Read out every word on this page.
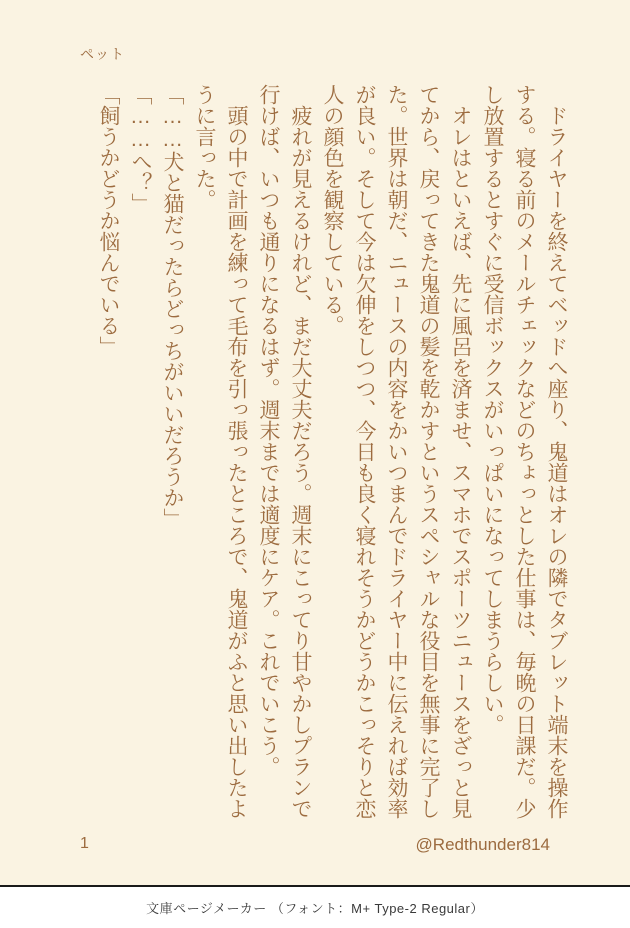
ペット

ドライヤーを終えてベッドへ座り、鬼道はオレの隣でタブレット端末を操作する。寝る前のメールチェックなどのちょっとした仕事は、毎晩の日課だ。少し放置するとすぐに受信ボックスがいっぱいになってしまうらしい。

オレはといえば、先に風呂を済ませ、スマホでスポーツニュースをざっと見てから、戻ってきた鬼道の髪を乾かすというスペシャルな役目を無事に完了した。世界は朝だ、ニュースの内容をかいつまんでドライヤー中に伝えれば効率が良い。そして今は欠伸をしつつ、今日も良く寝れそうかどうかこっそりと恋人の顔色を観察している。

疲れが見えるけれど、まだ大丈夫だろう。週末にこってり甘やかしプランで行けば、いつも通りになるはず。週末までは適度にケア。これでいこう。

頭の中で計画を練って毛布を引っ張ったところで、鬼道がふと思い出したように言った。

「……犬と猫だったらどっちがいいだろうか」

「……へ？」

「飼うかどうか悩んでいる」

1	@Redthunder814
文庫ページメーカー （フォント：M+ Type-2 Regular）
